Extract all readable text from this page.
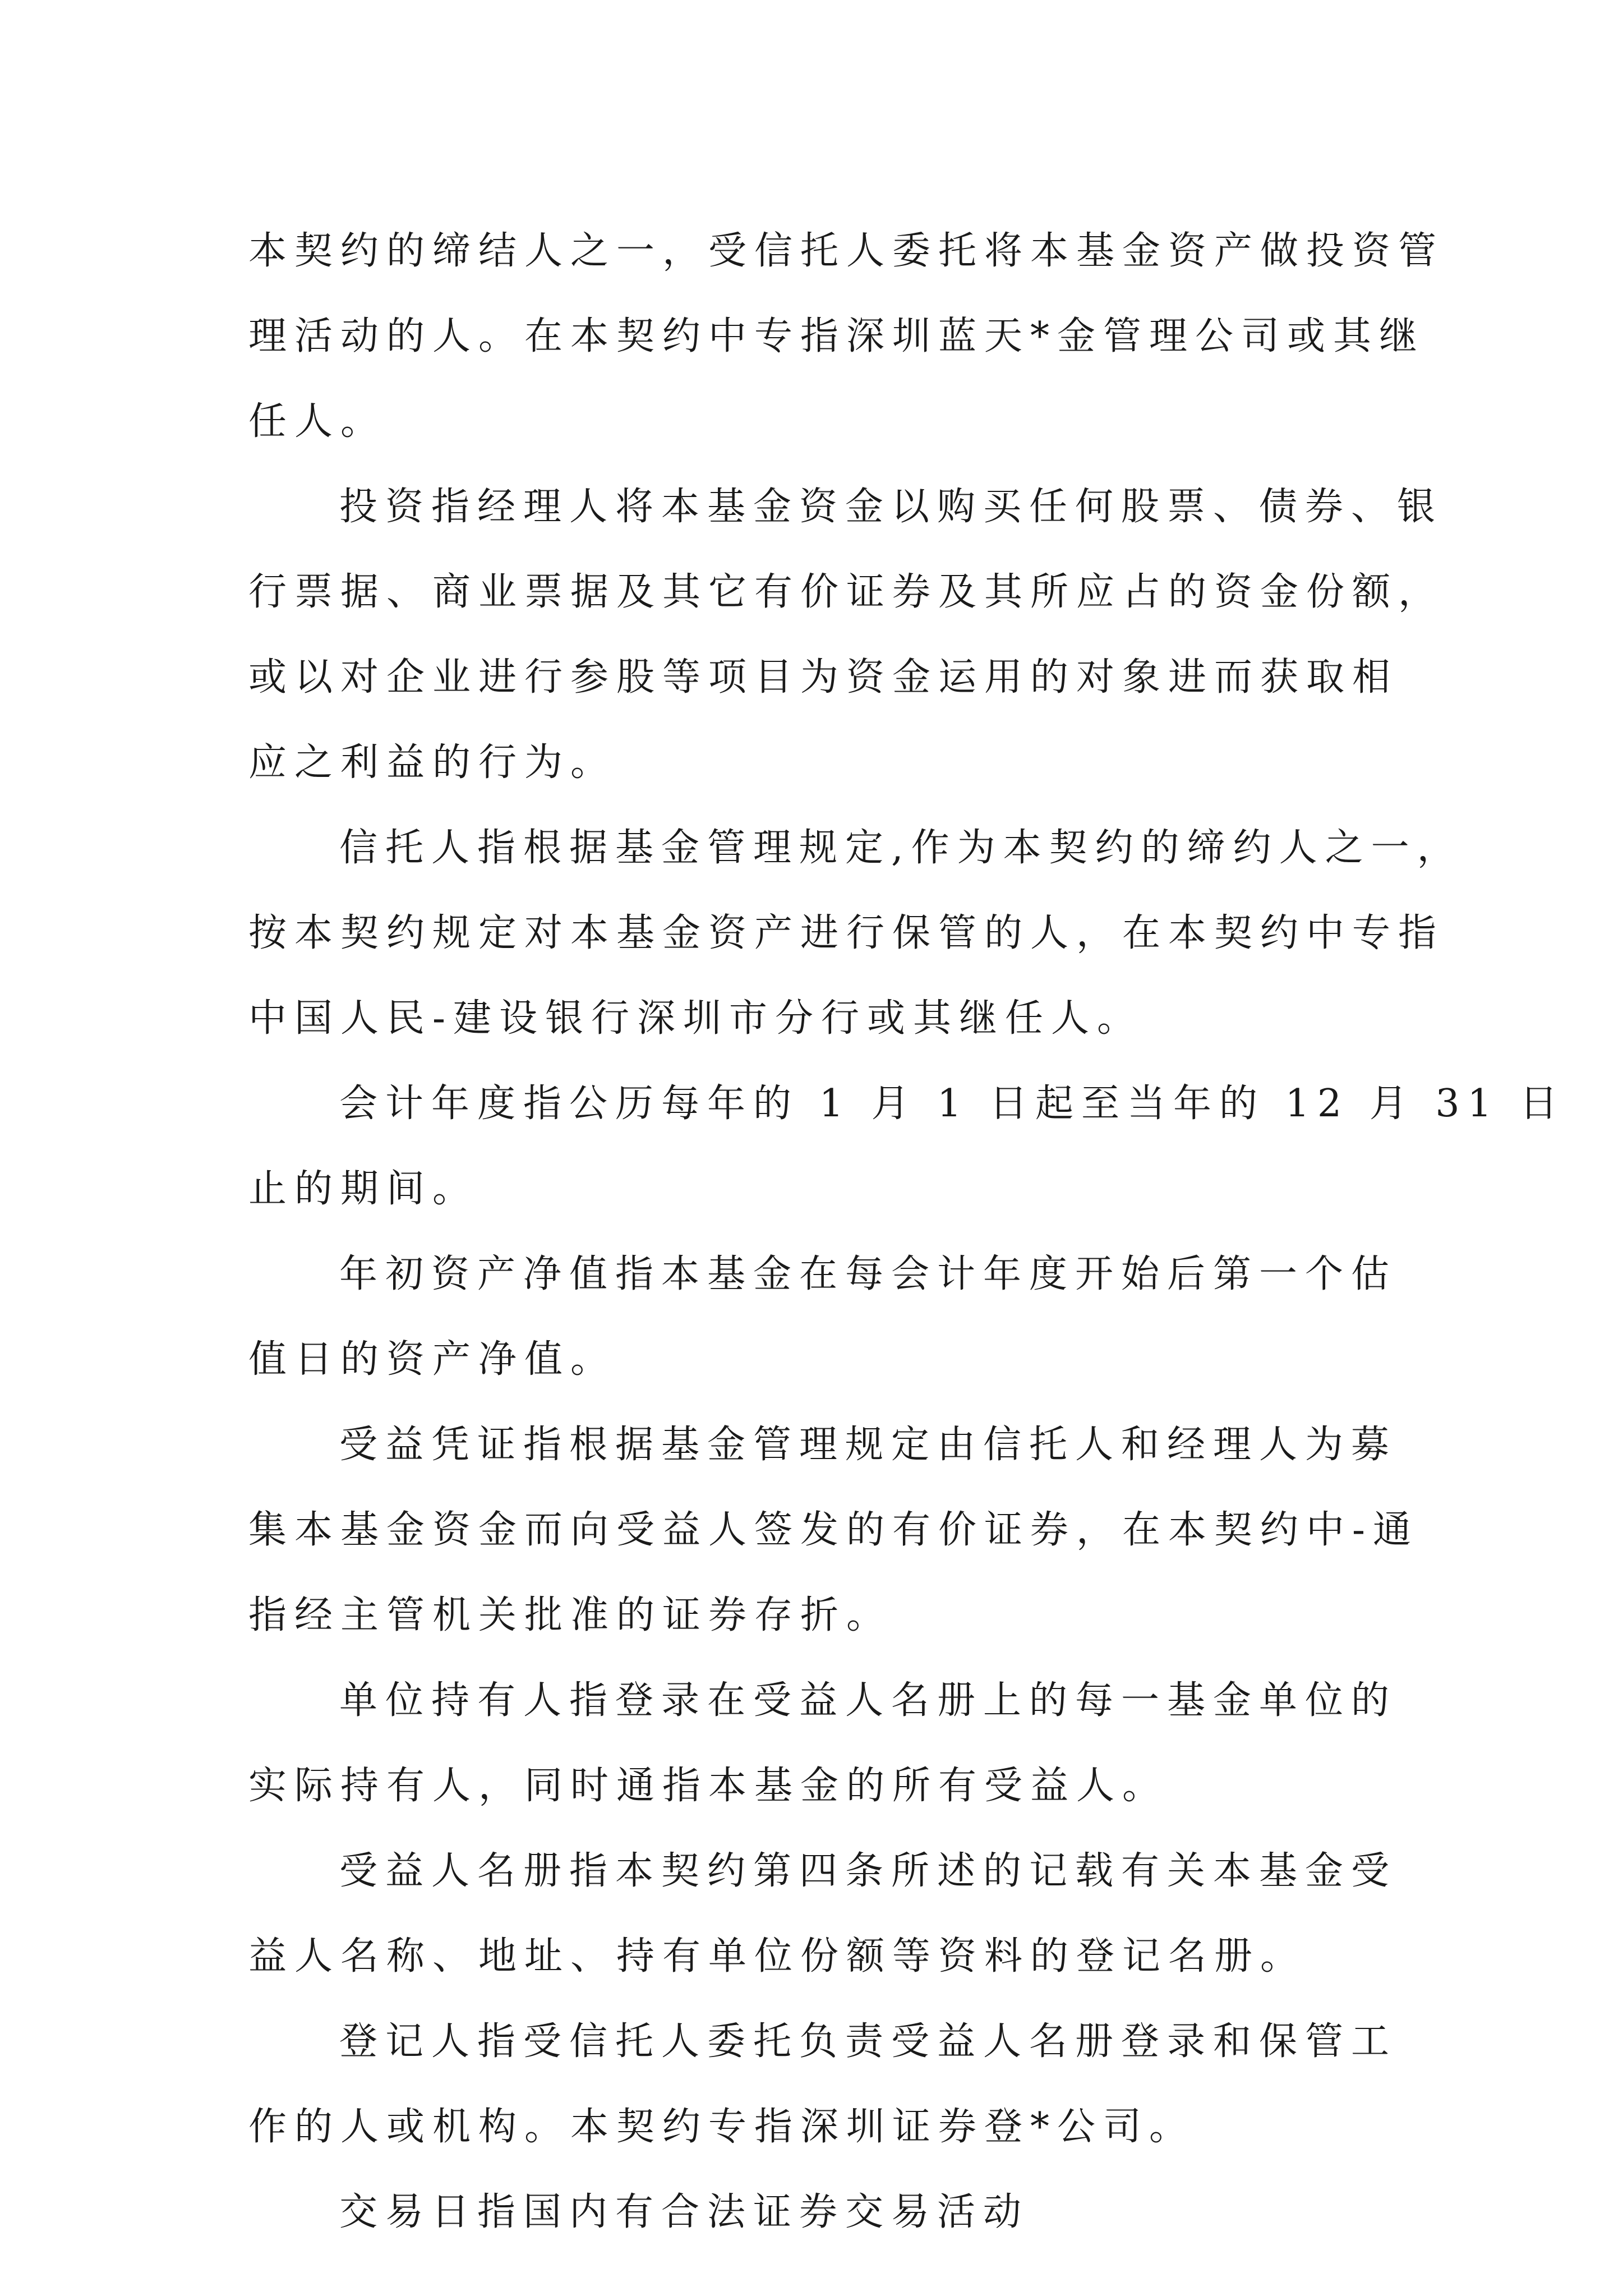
本契约的缔结人之一，受信托人委托将本基金资产做投资管
理活动的人。在本契约中专指深圳蓝天*金管理公司或其继
任人。
投资指经理人将本基金资金以购买任何股票、债券、银
行票据、商业票据及其它有价证券及其所应占的资金份额，
或以对企业进行参股等项目为资金运用的对象进而获取相
应之利益的行为。
信托人指根据基金管理规定,作为本契约的缔约人之一，
按本契约规定对本基金资产进行保管的人，在本契约中专指
中国人民-建设银行深圳市分行或其继任人。
会计年度指公历每年的 1 月 1 日起至当年的 12 月 31 日
止的期间。
年初资产净值指本基金在每会计年度开始后第一个估
值日的资产净值。
受益凭证指根据基金管理规定由信托人和经理人为募
集本基金资金而向受益人签发的有价证券，在本契约中-通
指经主管机关批准的证券存折。
单位持有人指登录在受益人名册上的每一基金单位的
实际持有人，同时通指本基金的所有受益人。
受益人名册指本契约第四条所述的记载有关本基金受
益人名称、地址、持有单位份额等资料的登记名册。
登记人指受信托人委托负责受益人名册登录和保管工
作的人或机构。本契约专指深圳证券登*公司。
交易日指国内有合法证券交易活动
